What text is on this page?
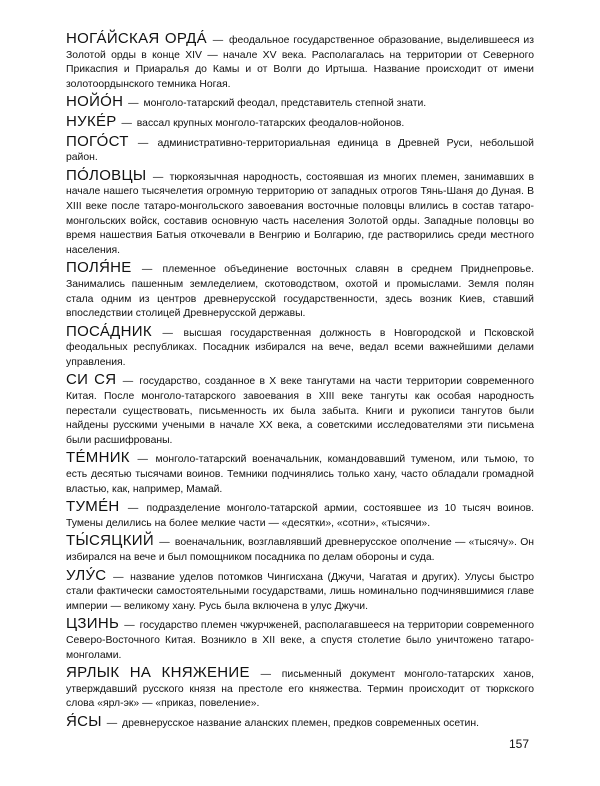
НОГА́ЙСКАЯ ОРДА́ — феодальное государственное образование, выделившееся из Золотой орды в конце XIV — начале XV века. Располагалась на территории от Северного Прикаспия и Приаралья до Камы и от Волги до Иртыша. Название происходит от имени золотоордынского темника Ногая.

НОЙО́Н — монголо-татарский феодал, представитель степной знати.

НУКЕ́Р — вассал крупных монголо-татарских феодалов-нойонов.

ПОГО́СТ — административно-территориальная единица в Древней Руси, небольшой район.

ПО́ЛОВЦЫ — тюркоязычная народность, состоявшая из многих племен, занимавших в начале нашего тысячелетия огромную территорию от западных отрогов Тянь-Шаня до Дуная. В XIII веке после татаро-монгольского завоевания восточные половцы влились в состав татаро-монгольских войск, составив основную часть населения Золотой орды. Западные половцы во время нашествия Батыя откочевали в Венгрию и Болгарию, где растворились среди местного населения.

ПОЛЯ́НЕ — племенное объединение восточных славян в среднем Приднепровье. Занимались пашенным земледелием, скотоводством, охотой и промыслами. Земля полян стала одним из центров древнерусской государственности, здесь возник Киев, ставший впоследствии столицей Древнерусской державы.

ПОСА́ДНИК — высшая государственная должность в Новгородской и Псковской феодальных республиках. Посадник избирался на вече, ведал всеми важнейшими делами управления.

СИ СЯ — государство, созданное в X веке тангутами на части территории современного Китая. После монголо-татарского завоевания в XIII веке тангуты как особая народность перестали существовать, письменность их была забыта. Книги и рукописи тангутов были найдены русскими учеными в начале XX века, а советскими исследователями эти письмена были расшифрованы.

ТЕ́МНИК — монголо-татарский военачальник, командовавший туменом, или тьмою, то есть десятью тысячами воинов. Темники подчинялись только хану, часто обладали громадной властью, как, например, Мамай.

ТУМЕ́Н — подразделение монголо-татарской армии, состоявшее из 10 тысяч воинов. Тумены делились на более мелкие части — «десятки», «сотни», «тысячи».

ТЫ́СЯЦКИЙ — военачальник, возглавлявший древнерусское ополчение — «тысячу». Он избирался на вече и был помощником посадника по делам обороны и суда.

УЛУ́С — название уделов потомков Чингисхана (Джучи, Чагатая и других). Улусы быстро стали фактически самостоятельными государствами, лишь номинально подчинявшимися главе империи — великому хану. Русь была включена в улус Джучи.

ЦЗИНЬ — государство племен чжурчженей, располагавшееся на территории современного Северо-Восточного Китая. Возникло в XII веке, а спустя столетие было уничтожено татаро-монголами.

ЯРЛЫК НА КНЯЖЕНИЕ — письменный документ монголо-татарских ханов, утверждавший русского князя на престоле его княжества. Термин происходит от тюркского слова «ярл-эк» — «приказ, повеление».

Я́СЫ — древнерусское название аланских племен, предков современных осетин.

157
